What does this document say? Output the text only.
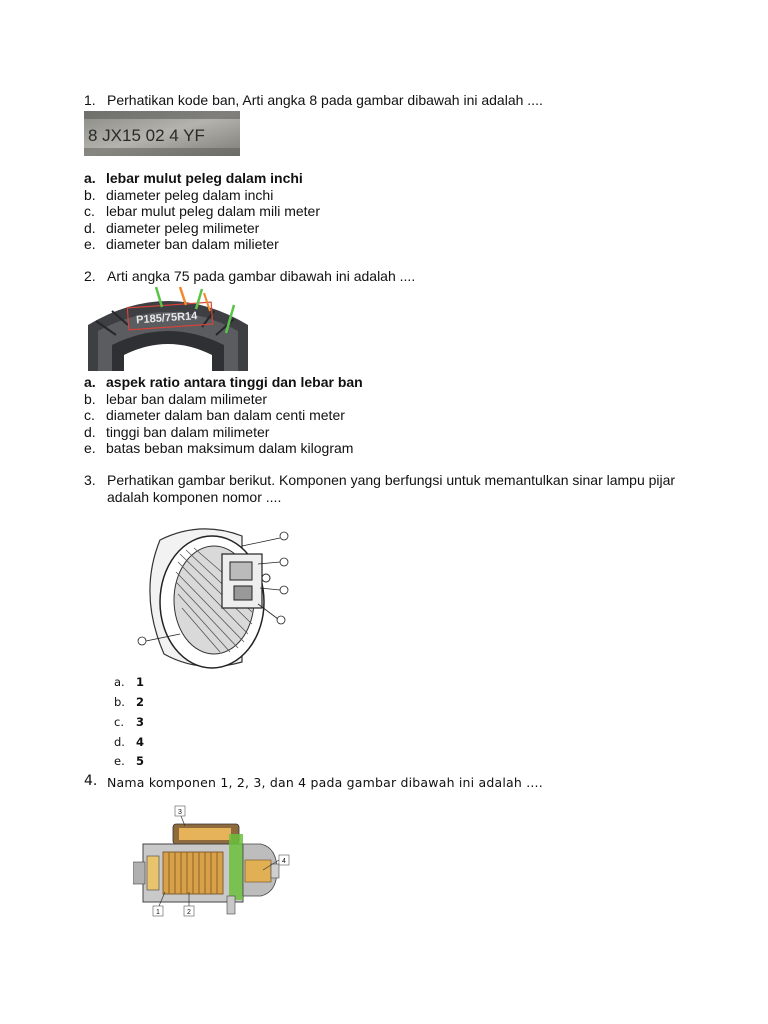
1. Perhatikan kode ban, Arti angka 8 pada gambar dibawah ini adalah ....
8 JX15 02 4 YF
a. lebar mulut peleg dalam inchi
b. diameter peleg dalam inchi
c. lebar mulut peleg dalam mili meter
d. diameter peleg milimeter
e. diameter ban dalam milieter
2. Arti angka 75 pada gambar dibawah ini adalah ....
P185/75R14
a. aspek ratio antara tinggi dan lebar ban
b. lebar ban dalam milimeter
c. diameter dalam ban dalam centi meter
d. tinggi ban dalam milimeter
e. batas beban maksimum dalam kilogram
3. Perhatikan gambar berikut. Komponen yang berfungsi untuk memantulkan sinar lampu pijar
adalah komponen nomor ....
a. 1
b. 2
c. 3
d. 4
e. 5
4. Nama komponen 1, 2, 3, dan 4 pada gambar dibawah ini adalah ....
3
4
1	2
